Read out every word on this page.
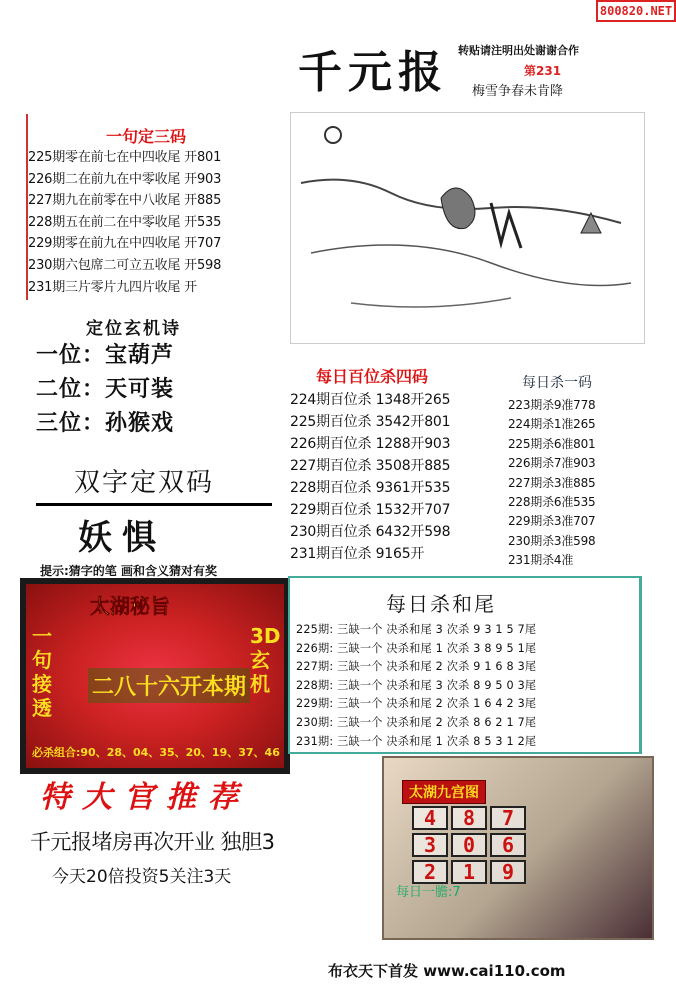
800820.NET
千元报 转贴请注明出处谢谢合作
第231
梅雪争春未肯降
一句定三码
225期零在前七在中四收尾 开801
226期二在前九在中零收尾 开903
227期九在前零在中八收尾 开885
228期五在前二在中零收尾 开535
229期零在前九在中四收尾 开707
230期六包席二可立五收尾 开598
231期三片零片九四片收尾 开
定位玄机诗
一位：宝葫芦
二位：天可装
三位：孙猴戏
双字定双码
妖惧
提示:猜字的笔 画和含义猜对有奖
太湖秘旨
一句接透
3D玄机
二八十六开本期
必杀组合:90、28、04、35、20、19、37、46
特大官推荐
每日百位杀四码
224期百位杀 1348开265
225期百位杀 3542开801
226期百位杀 1288开903
227期百位杀 3508开885
228期百位杀 9361开535
229期百位杀 1532开707
230期百位杀 6432开598
231期百位杀 9165开
每日杀一码
223期杀9准778
224期杀1准265
225期杀6准801
226期杀7准903
227期杀3准885
228期杀6准535
229期杀3准707
230期杀3准598
231期杀4准
每日杀和尾
225期: 三缺一个 决杀和尾 3 次杀 9 3 1 5 7尾
226期: 三缺一个 决杀和尾 1 次杀 3 8 9 5 1尾
227期: 三缺一个 决杀和尾 2 次杀 9 1 6 8 3尾
228期: 三缺一个 决杀和尾 3 次杀 8 9 5 0 3尾
229期: 三缺一个 决杀和尾 2 次杀 1 6 4 2 3尾
230期: 三缺一个 决杀和尾 2 次杀 8 6 2 1 7尾
231期: 三缺一个 决杀和尾 1 次杀 8 5 3 1 2尾
千元报堵房再次开业 独胆3
今天20倍投资5关注3天
太湖九宫图
4	8	7
3	0	6
2	1	9
每日一膽:7
布衣天下首发 www.cai110.com
